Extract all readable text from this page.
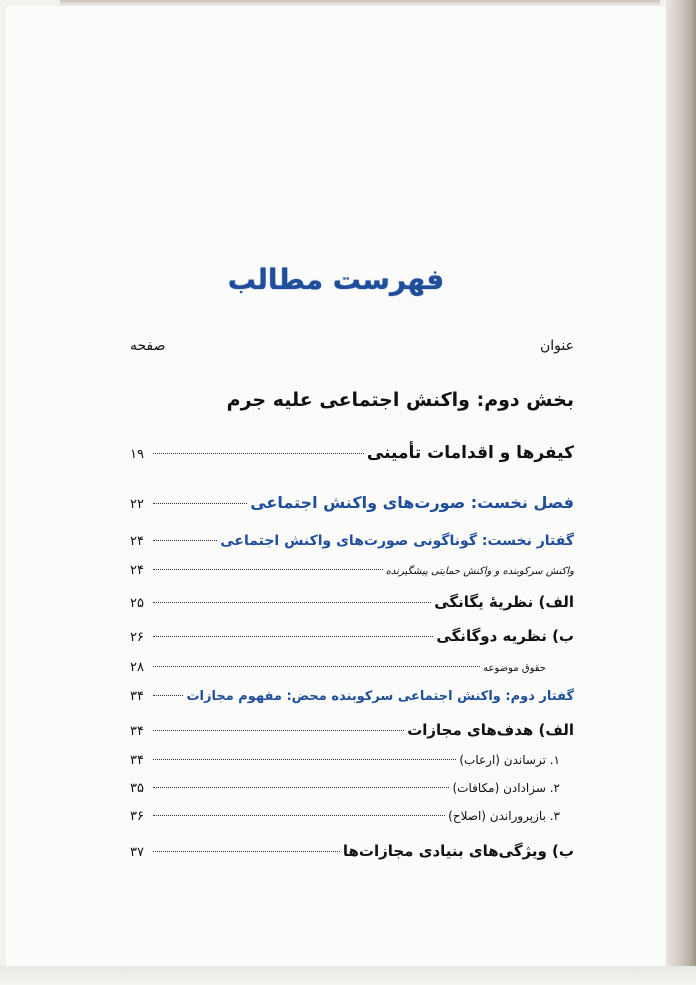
فهرست مطالب
عنوان
صفحه
بخش دوم: واکنش اجتماعی علیه جرم
کیفرها و اقدامات تأمینی
۱۹
فصل نخست: صورت‌های واکنش اجتماعی
۲۲
گفتار نخست: گوناگونی صورت‌های واکنش اجتماعی
۲۴
واکنش سرکوبنده و واکنش حمایتی پیشگیرنده
۲۴
الف) نظریۀ یگانگی
۲۵
ب) نظریه دوگانگی
۲۶
حقوق موضوعه
۲۸
گفتار دوم: واکنش اجتماعی سرکوبنده محض: مفهوم مجازات
۳۴
الف) هدف‌های مجازات
۳۴
۱. ترساندن (ارعاب)
۳۴
۲. سزادادن (مکافات)
۳۵
۳. بازپروراندن (اصلاح)
۳۶
ب) ویژگی‌های بنیادی مجازات‌ها
۳۷
